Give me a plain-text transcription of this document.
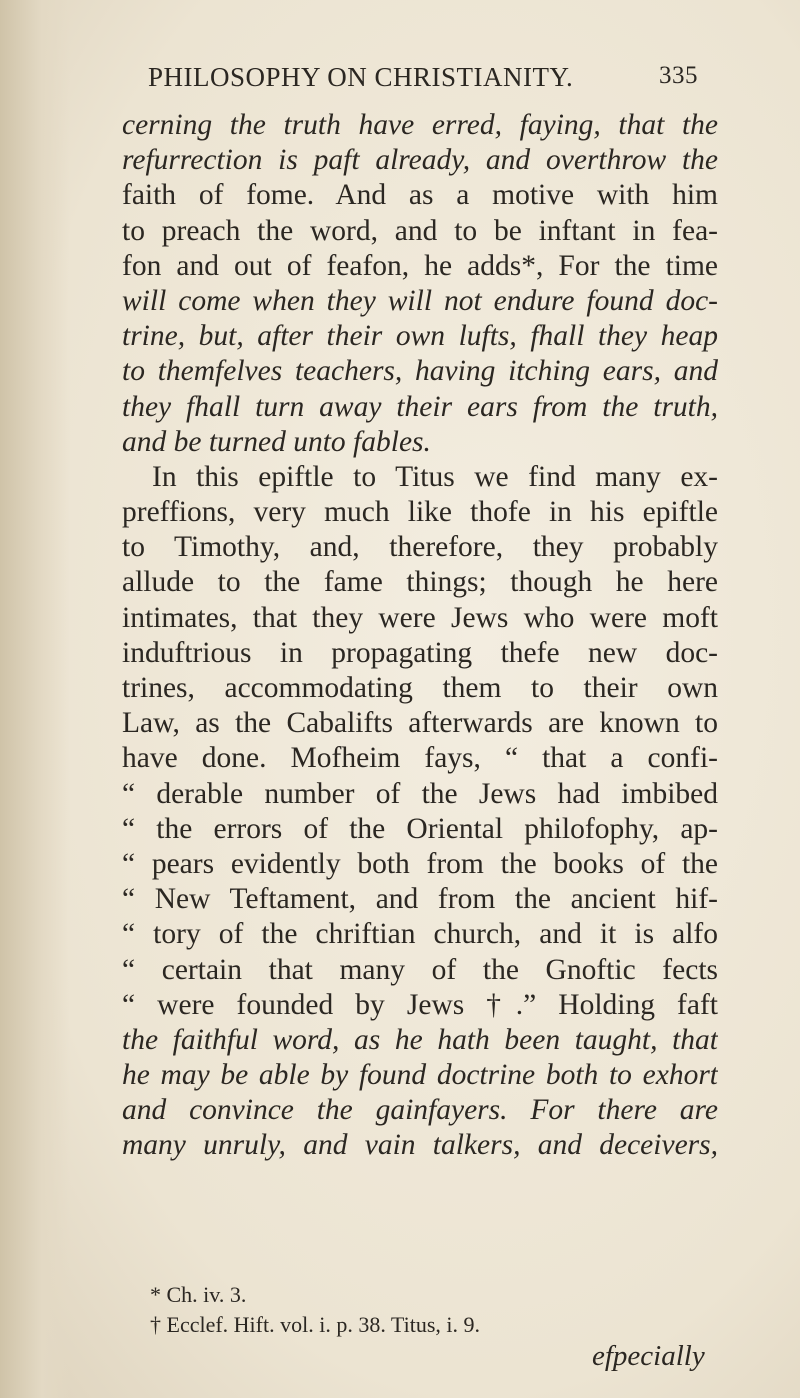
PHILOSOPHY ON CHRISTIANITY.	335
cerning the truth have erred, faying, that the
refurrection is paft already, and overthrow the
faith of fome. And as a motive with him
to preach the word, and to be inftant in fea-
fon and out of feafon, he adds*, For the time
will come when they will not endure found doc-
trine, but, after their own lufts, fhall they heap
to themfelves teachers, having itching ears, and
they fhall turn away their ears from the truth,
and be turned unto fables.
In this epiftle to Titus we find many ex-
preffions, very much like thofe in his epiftle
to Timothy, and, therefore, they probably
allude to the fame things; though he here
intimates, that they were Jews who were moft
induftrious in propagating thefe new doc-
trines, accommodating them to their own
Law, as the Cabalifts afterwards are known to
have done. Mofheim fays, “ that a confi-
“ derable number of the Jews had imbibed
“ the errors of the Oriental philofophy, ap-
“ pears evidently both from the books of the
“ New Teftament, and from the ancient hif-
“ tory of the chriftian church, and it is alfo
“ certain that many of the Gnoftic fects
“ were founded by Jews †.” Holding faft
the faithful word, as he hath been taught, that
he may be able by found doctrine both to exhort
and convince the gainfayers. For there are
many unruly, and vain talkers, and deceivers,
* Ch. iv. 3.
† Ecclef. Hift. vol. i. p. 38. Titus, i. 9.
efpecially
